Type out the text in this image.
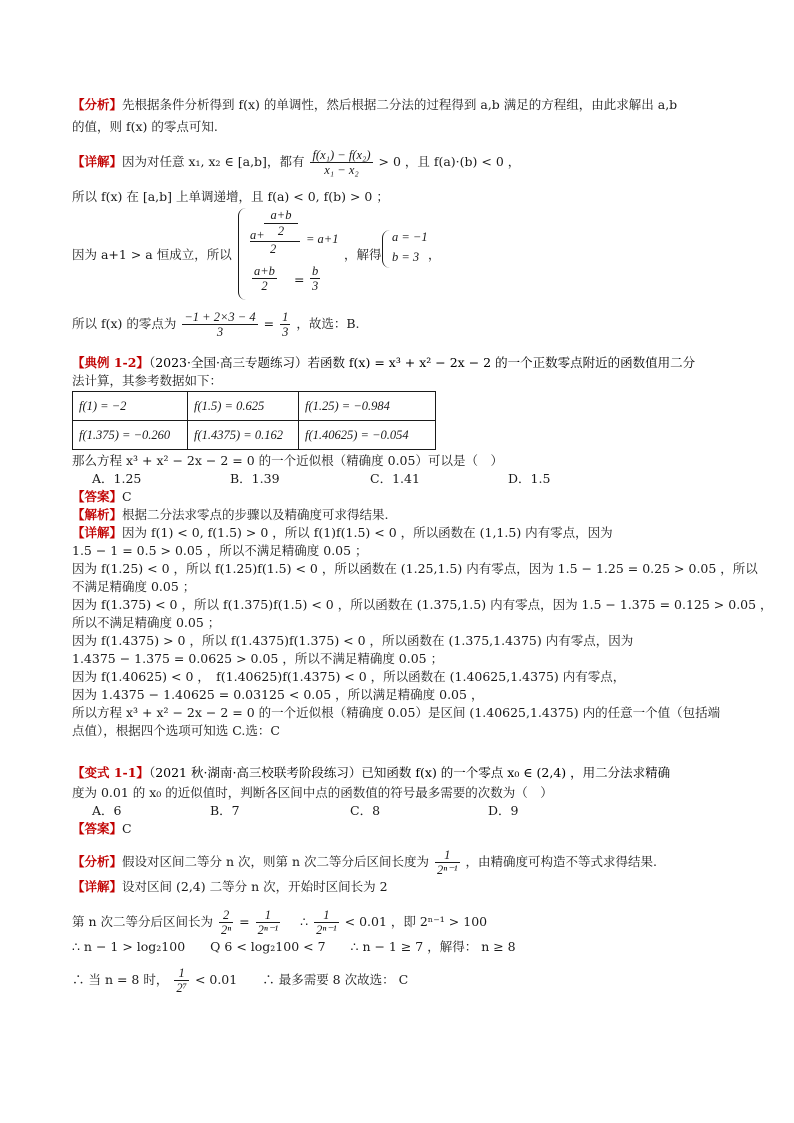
【分析】先根据条件分析得到 f(x) 的单调性，然后根据二分法的过程得到 a,b 满足的方程组，由此求解出 a,b
的值，则 f(x) 的零点可知.
【详解】因为对任意 x₁, x₂ ∈ [a,b]，都有 $\frac{\text{f(x₁) − f(x₂)}}{\text{x₁ − x₂}} > 0$ ，且 f(a)·(b) < 0 ，
所以 f(x) 在 [a,b] 上单调递增，且 f(a) < 0, f(b) > 0 ；
因为 a+1 > a 恒成立，所以
$a+ \frac{a+b}{2}$
2
= a+1
$\frac{a+b}{2} = \frac{b}{3}$
，解得
a = −1
b = 3 ，
所以 f(x) 的零点为 $\frac{-1 + 2\times 3 - 4}{3} = \frac{1}{3}$ ，故选：B.
【典例 1-2】（2023·全国·高三专题练习）若函数 f(x) = x³ + x² − 2x − 2 的一个正数零点附近的函数值用二分
法计算，其参考数据如下：
f(1) = −2	f(1.5) = 0.625	f(1.25) = −0.984
f(1.375) = −0.260	f(1.4375) = 0.162	f(1.40625) = −0.054
那么方程 x³ + x² − 2x − 2 = 0 的一个近似根（精确度 0.05）可以是（　）
A．1.25	B．1.39	C．1.41	D．1.5
【答案】C
【解析】根据二分法求零点的步骤以及精确度可求得结果.
【详解】因为 f(1) < 0, f(1.5) > 0 ，所以 f(1)f(1.5) < 0 ，所以函数在 (1,1.5) 内有零点，因为
1.5 − 1 = 0.5 > 0.05 ，所以不满足精确度 0.05 ；
因为 f(1.25) < 0 ，所以 f(1.25)f(1.5) < 0 ，所以函数在 (1.25,1.5) 内有零点，因为 1.5 − 1.25 = 0.25 > 0.05 ，所以
不满足精确度 0.05 ；
因为 f(1.375) < 0 ，所以 f(1.375)f(1.5) < 0 ，所以函数在 (1.375,1.5) 内有零点，因为 1.5 − 1.375 = 0.125 > 0.05 ，
所以不满足精确度 0.05 ；
因为 f(1.4375) > 0 ，所以 f(1.4375)f(1.375) < 0 ，所以函数在 (1.375,1.4375) 内有零点，因为
1.4375 − 1.375 = 0.0625 > 0.05 ，所以不满足精确度 0.05 ；
因为 f(1.40625) < 0 ，　f(1.40625)f(1.4375) < 0 ，所以函数在 (1.40625,1.4375) 内有零点，
因为 1.4375 − 1.40625 = 0.03125 < 0.05 ，所以满足精确度 0.05 ，
所以方程 x³ + x² − 2x − 2 = 0 的一个近似根（精确度 0.05）是区间 (1.40625,1.4375) 内的任意一个值（包括端
点值），根据四个选项可知选 C.选：C
【变式 1-1】（2021 秋·湖南·高三校联考阶段练习）已知函数 f(x) 的一个零点 x₀ ∈ (2,4) ，用二分法求精确
度为 0.01 的 x₀ 的近似值时，判断各区间中点的函数值的符号最多需要的次数为（　）
A．6	B．7	C．8	D．9
【答案】C
【分析】假设对区间二等分 n 次，则第 n 次二等分后区间长度为 $\frac{1}{\text{2ⁿ⁻¹}}$ ，由精确度可构造不等式求得结果.
【详解】设对区间 (2,4) 二等分 n 次，开始时区间长为 2
第 n 次二等分后区间长为 $\frac{2}{\text{2ⁿ}} = \frac{1}{\text{2ⁿ⁻¹}}$ ∴ $\frac{1}{\text{2ⁿ⁻¹}} < 0.01$ ，即 2ⁿ⁻¹ > 100
∴ n − 1 > log₂100　　Q 6 < log₂100 < 7　　∴ n − 1 ≥ 7 ，解得： n ≥ 8
∴ 当 n = 8 时， $\frac{1}{\text{2⁷}} < 0.01$　　∴ 最多需要 8 次故选： C
